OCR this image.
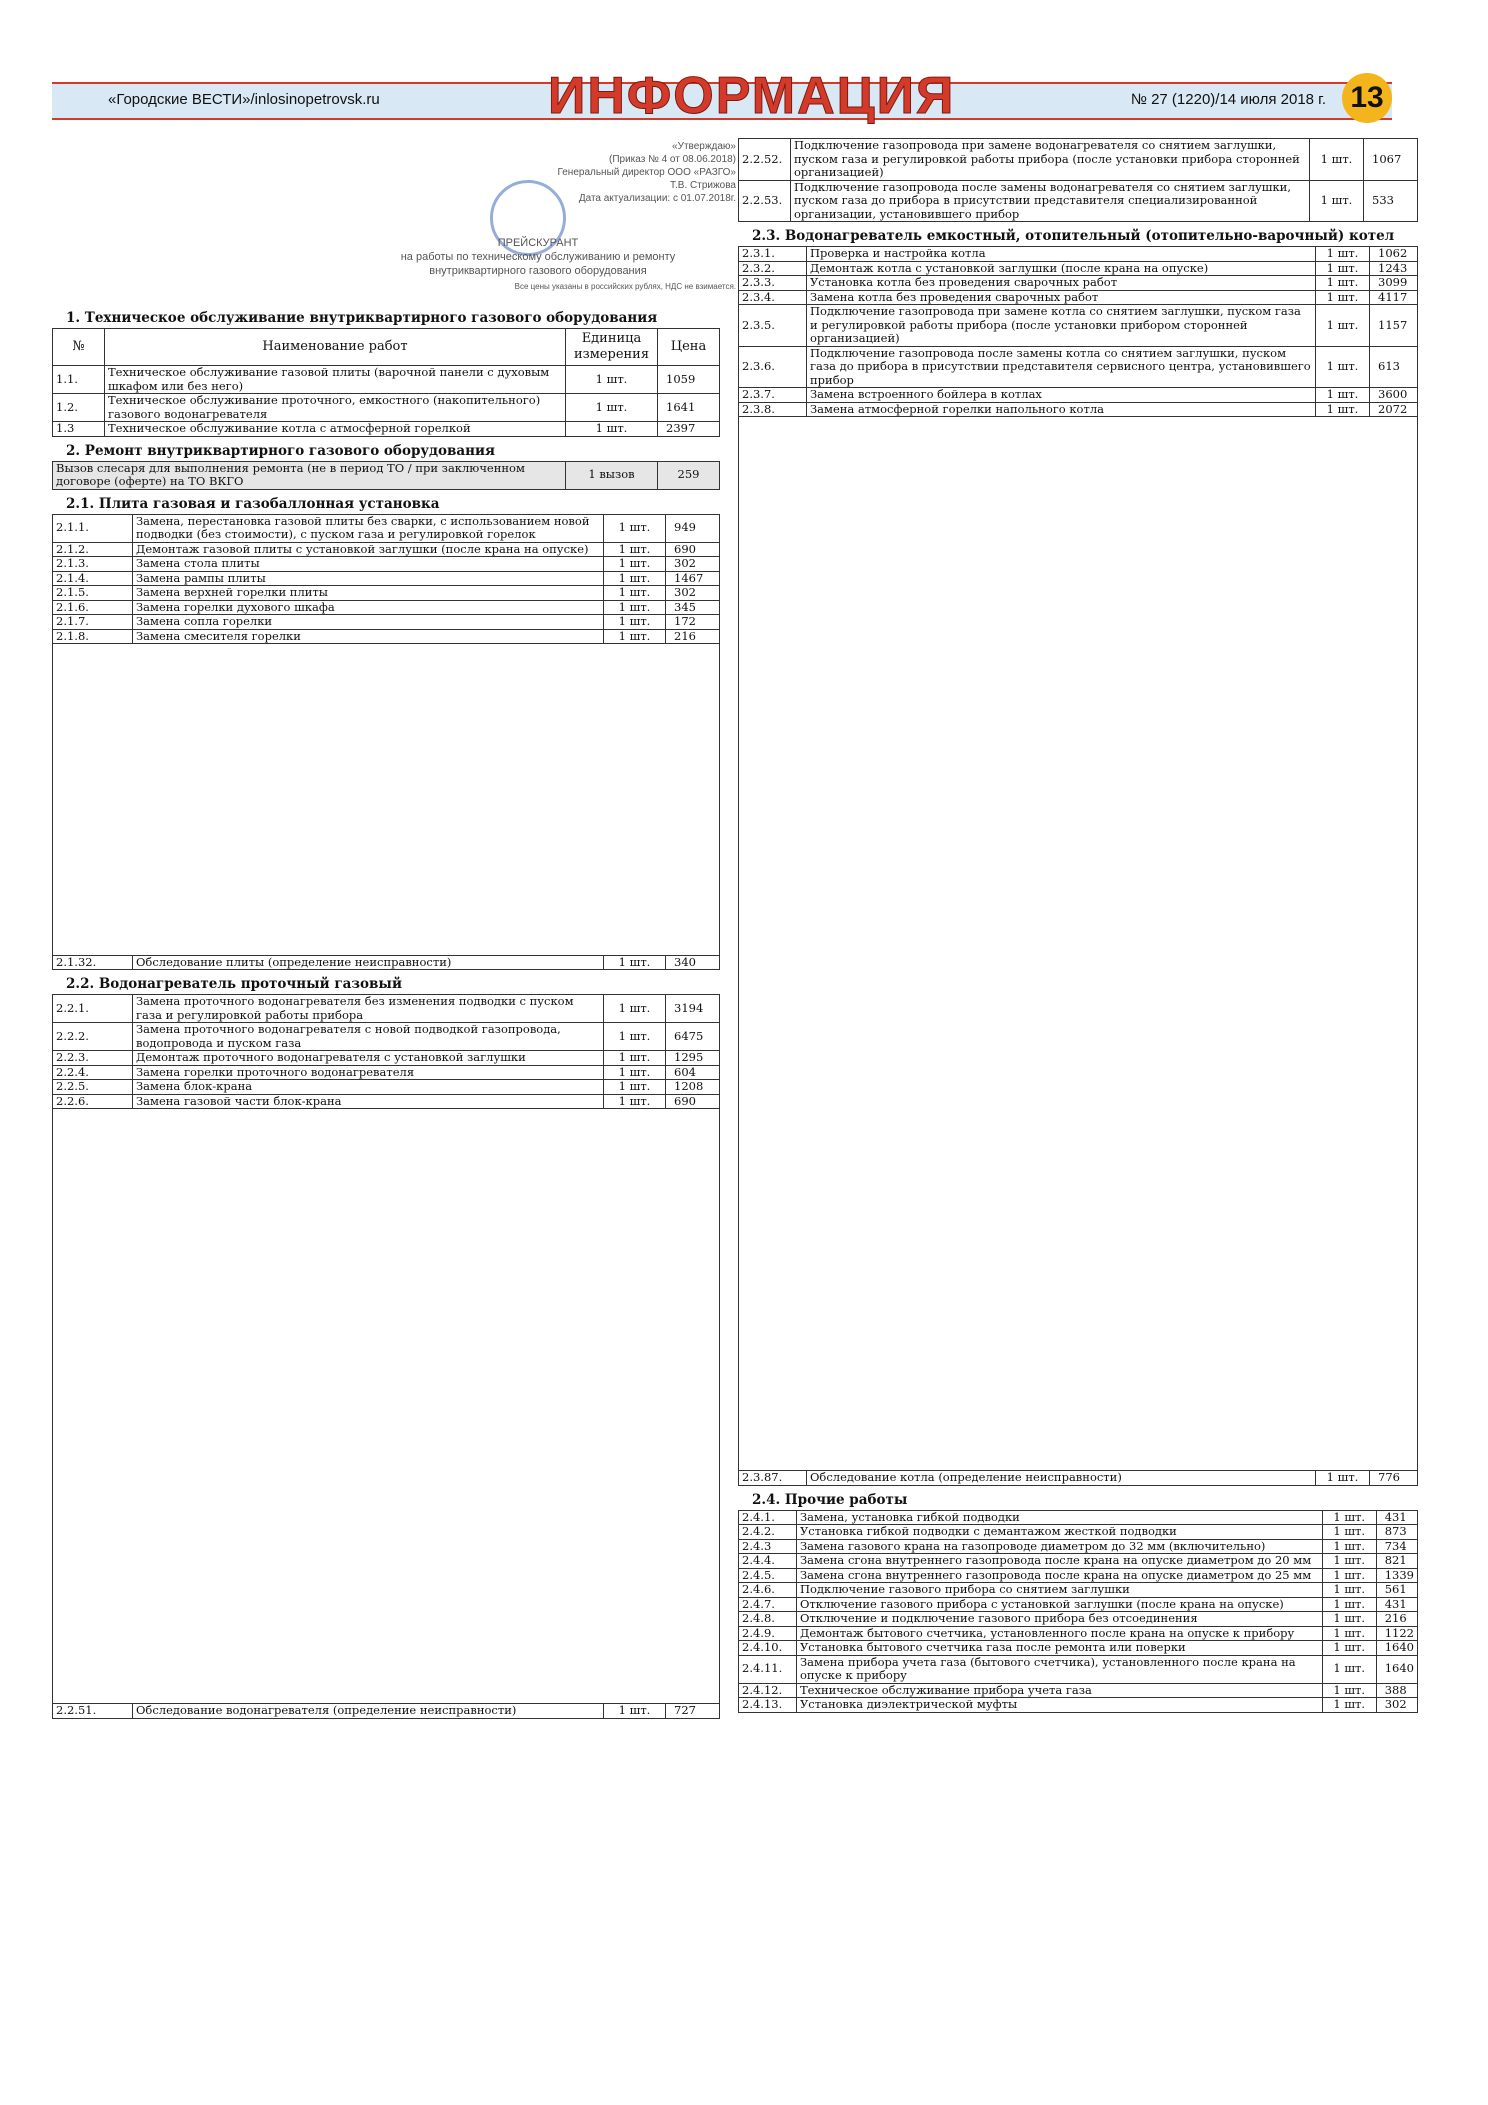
«Городские ВЕСТИ»/inlosinopetrovsk.ru	№ 27 (1220)/14 июля 2018 г.
ИНФОРМАЦИЯ	13
«Утверждаю»
(Приказ № 4 от 08.06.2018)
Генеральный директор ООО «РАЗГО»
Т.В. Стрижова
Дата актуализации: с 01.07.2018г.
ПРЕЙСКУРАНТ
на работы по техническому обслуживанию и ремонту
внутриквартирного газового оборудования
Все цены указаны в российских рублях, НДС не взимается.
1. Техническое обслуживание внутриквартирного газового оборудования
№	Наименование работ	Единица измерения	Цена
1.1.	Техническое обслуживание газовой плиты (варочной панели с духовым шкафом или без него)	1 шт.	1059
1.2.	Техническое обслуживание проточного, емкостного (накопительного) газового водонагревателя	1 шт.	1641
1.3	Техническое обслуживание котла с атмосферной горелкой	1 шт.	2397
2. Ремонт внутриквартирного газового оборудования
Вызов слесаря для выполнения ремонта (не в период ТО / при заключенном договоре (оферте) на ТО ВКГО	1 вызов	259
2.1. Плита газовая и газобаллонная установка
2.1.1.	Замена, перестановка газовой плиты без сварки, с использованием новой подводки (без стоимости), с пуском газа и регулировкой горелок	1 шт.	949
2.1.2.	Демонтаж газовой плиты с установкой заглушки (после крана на опуске)	1 шт.	690
2.1.3.	Замена стола плиты	1 шт.	302
2.1.4.	Замена рампы плиты	1 шт.	1467
2.1.5.	Замена верхней горелки плиты	1 шт.	302
2.1.6.	Замена горелки духового шкафа	1 шт.	345
2.1.7.	Замена сопла горелки	1 шт.	172
2.1.8.	Замена смесителя горелки	1 шт.	216

2.1.32.	Обследование плиты (определение неисправности)	1 шт.	340
2.2. Водонагреватель проточный газовый
2.2.1.	Замена проточного водонагревателя без изменения подводки с пуском газа и регулировкой работы прибора	1 шт.	3194
2.2.2.	Замена проточного водонагревателя с новой подводкой газопровода, водопровода и пуском газа	1 шт.	6475
2.2.3.	Демонтаж проточного водонагревателя с установкой заглушки	1 шт.	1295
2.2.4.	Замена горелки проточного водонагревателя	1 шт.	604
2.2.5.	Замена блок-крана	1 шт.	1208
2.2.6.	Замена газовой части блок-крана	1 шт.	690

2.2.51.	Обследование водонагревателя (определение неисправности)	1 шт.	727
2.2.52.	Подключение газопровода при замене водонагревателя со снятием заглушки, пуском газа и регулировкой работы прибора (после установки прибора сторонней организацией)	1 шт.	1067
2.2.53.	Подключение газопровода после замены водонагревателя со снятием заглушки, пуском газа до прибора в присутствии представителя специализированной организации, установившего прибор	1 шт.	533
2.3. Водонагреватель емкостный, отопительный (отопительно-варочный) котел
2.3.1.	Проверка и настройка котла	1 шт.	1062
2.3.2.	Демонтаж котла с установкой заглушки (после крана на опуске)	1 шт.	1243
2.3.3.	Установка котла без проведения сварочных работ	1 шт.	3099
2.3.4.	Замена котла без проведения сварочных работ	1 шт.	4117
2.3.5.	Подключение газопровода при замене котла со снятием заглушки, пуском газа и регулировкой работы прибора (после установки прибором сторонней организацией)	1 шт.	1157
2.3.6.	Подключение газопровода после замены котла со снятием заглушки, пуском газа до прибора в присутствии представителя сервисного центра, установившего прибор	1 шт.	613
2.3.7.	Замена встроенного бойлера в котлах	1 шт.	3600
2.3.8.	Замена атмосферной горелки напольного котла	1 шт.	2072

2.3.87.	Обследование котла (определение неисправности)	1 шт.	776
2.4. Прочие работы
2.4.1.	Замена, установка гибкой подводки	1 шт.	431
2.4.2.	Установка гибкой подводки с демантажом жесткой подводки	1 шт.	873
2.4.3	Замена газового крана на газопроводе диаметром до 32 мм (включительно)	1 шт.	734
2.4.4.	Замена сгона внутреннего газопровода после крана на опуске диаметром до 20 мм	1 шт.	821
2.4.5.	Замена сгона внутреннего газопровода после крана на опуске диаметром до 25 мм	1 шт.	1339
2.4.6.	Подключение газового прибора со снятием заглушки	1 шт.	561
2.4.7.	Отключение газового прибора с установкой заглушки (после крана на опуске)	1 шт.	431
2.4.8.	Отключение и подключение газового прибора без отсоединения	1 шт.	216
2.4.9.	Демонтаж бытового счетчика, установленного после крана на опуске к прибору	1 шт.	1122
2.4.10.	Установка бытового счетчика газа после ремонта или поверки	1 шт.	1640
2.4.11.	Замена прибора учета газа (бытового счетчика), установленного после крана на опуске к прибору	1 шт.	1640
2.4.12.	Техническое обслуживание прибора учета газа	1 шт.	388
2.4.13.	Установка диэлектрической муфты	1 шт.	302
